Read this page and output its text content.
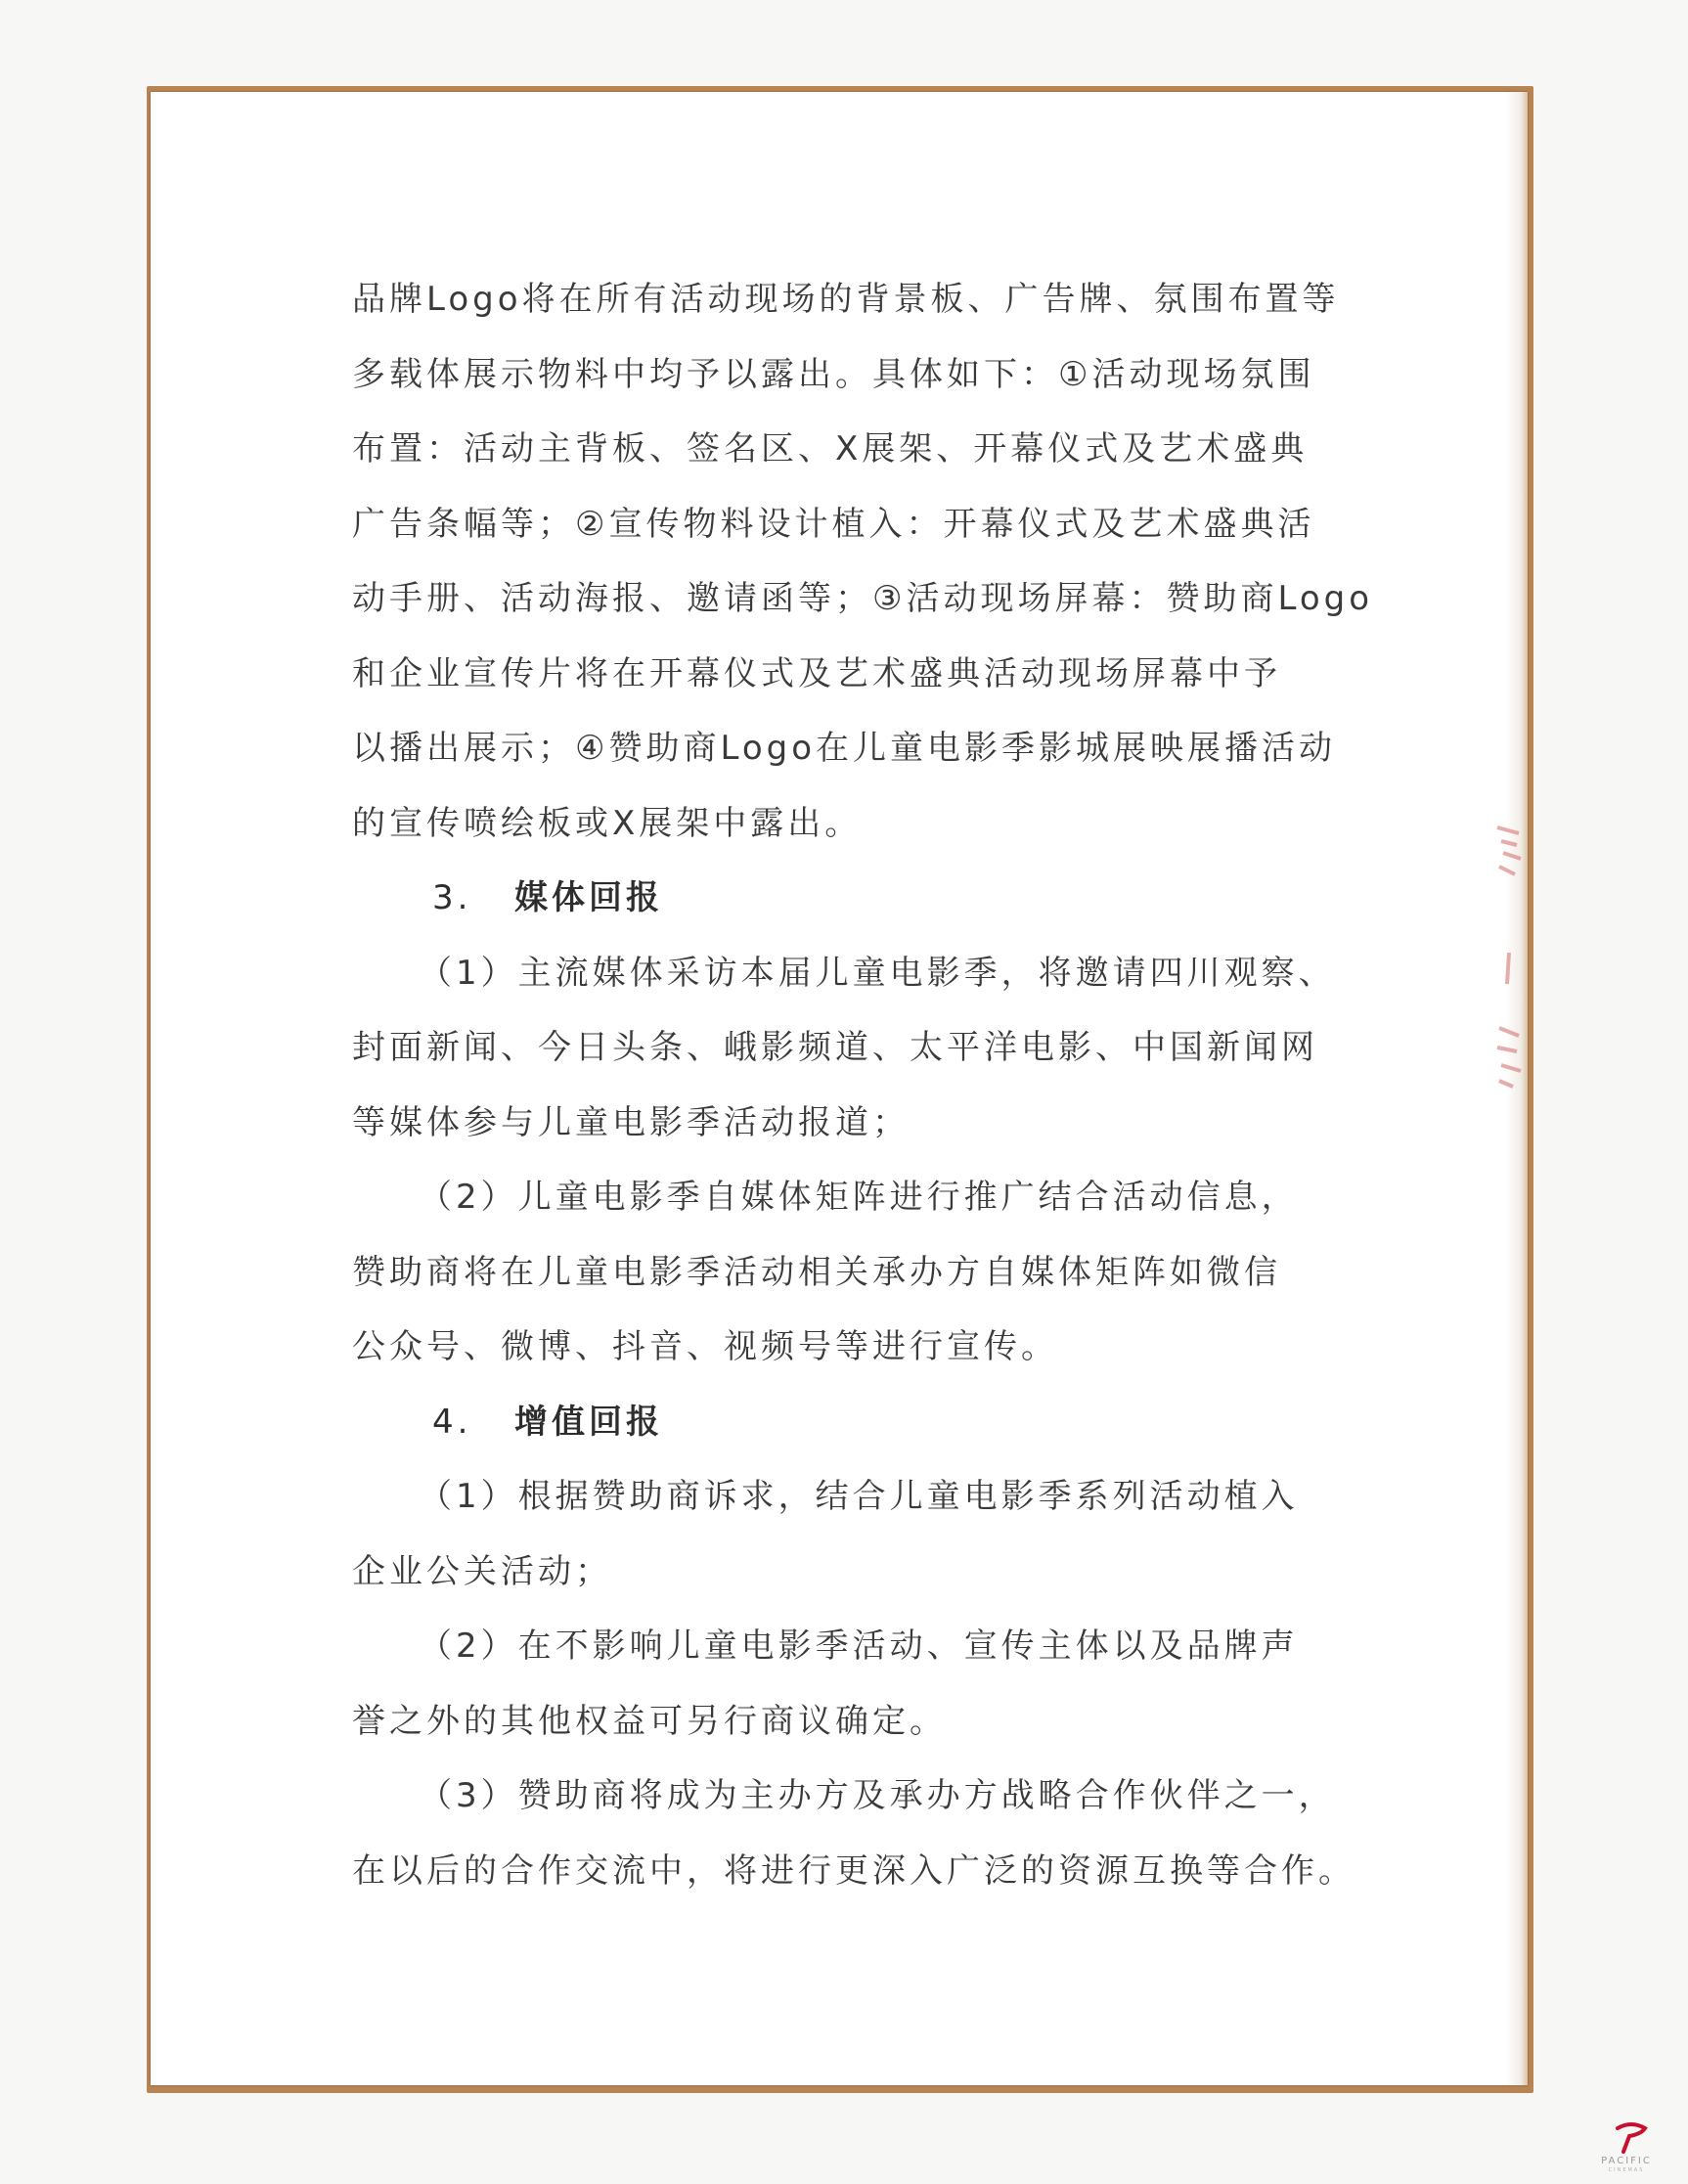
品牌Logo将在所有活动现场的背景板、广告牌、氛围布置等
多载体展示物料中均予以露出。具体如下：①活动现场氛围
布置：活动主背板、签名区、X展架、开幕仪式及艺术盛典
广告条幅等；②宣传物料设计植入：开幕仪式及艺术盛典活
动手册、活动海报、邀请函等；③活动现场屏幕：赞助商Logo
和企业宣传片将在开幕仪式及艺术盛典活动现场屏幕中予
以播出展示；④赞助商Logo在儿童电影季影城展映展播活动
的宣传喷绘板或X展架中露出。
3. 媒体回报
（1）主流媒体采访本届儿童电影季，将邀请四川观察、
封面新闻、今日头条、峨影频道、太平洋电影、中国新闻网
等媒体参与儿童电影季活动报道；
（2）儿童电影季自媒体矩阵进行推广结合活动信息，
赞助商将在儿童电影季活动相关承办方自媒体矩阵如微信
公众号、微博、抖音、视频号等进行宣传。
4. 增值回报
（1）根据赞助商诉求，结合儿童电影季系列活动植入
企业公关活动；
（2）在不影响儿童电影季活动、宣传主体以及品牌声
誉之外的其他权益可另行商议确定。
（3）赞助商将成为主办方及承办方战略合作伙伴之一，
在以后的合作交流中，将进行更深入广泛的资源互换等合作。
PACIFIC
CINEMAS
